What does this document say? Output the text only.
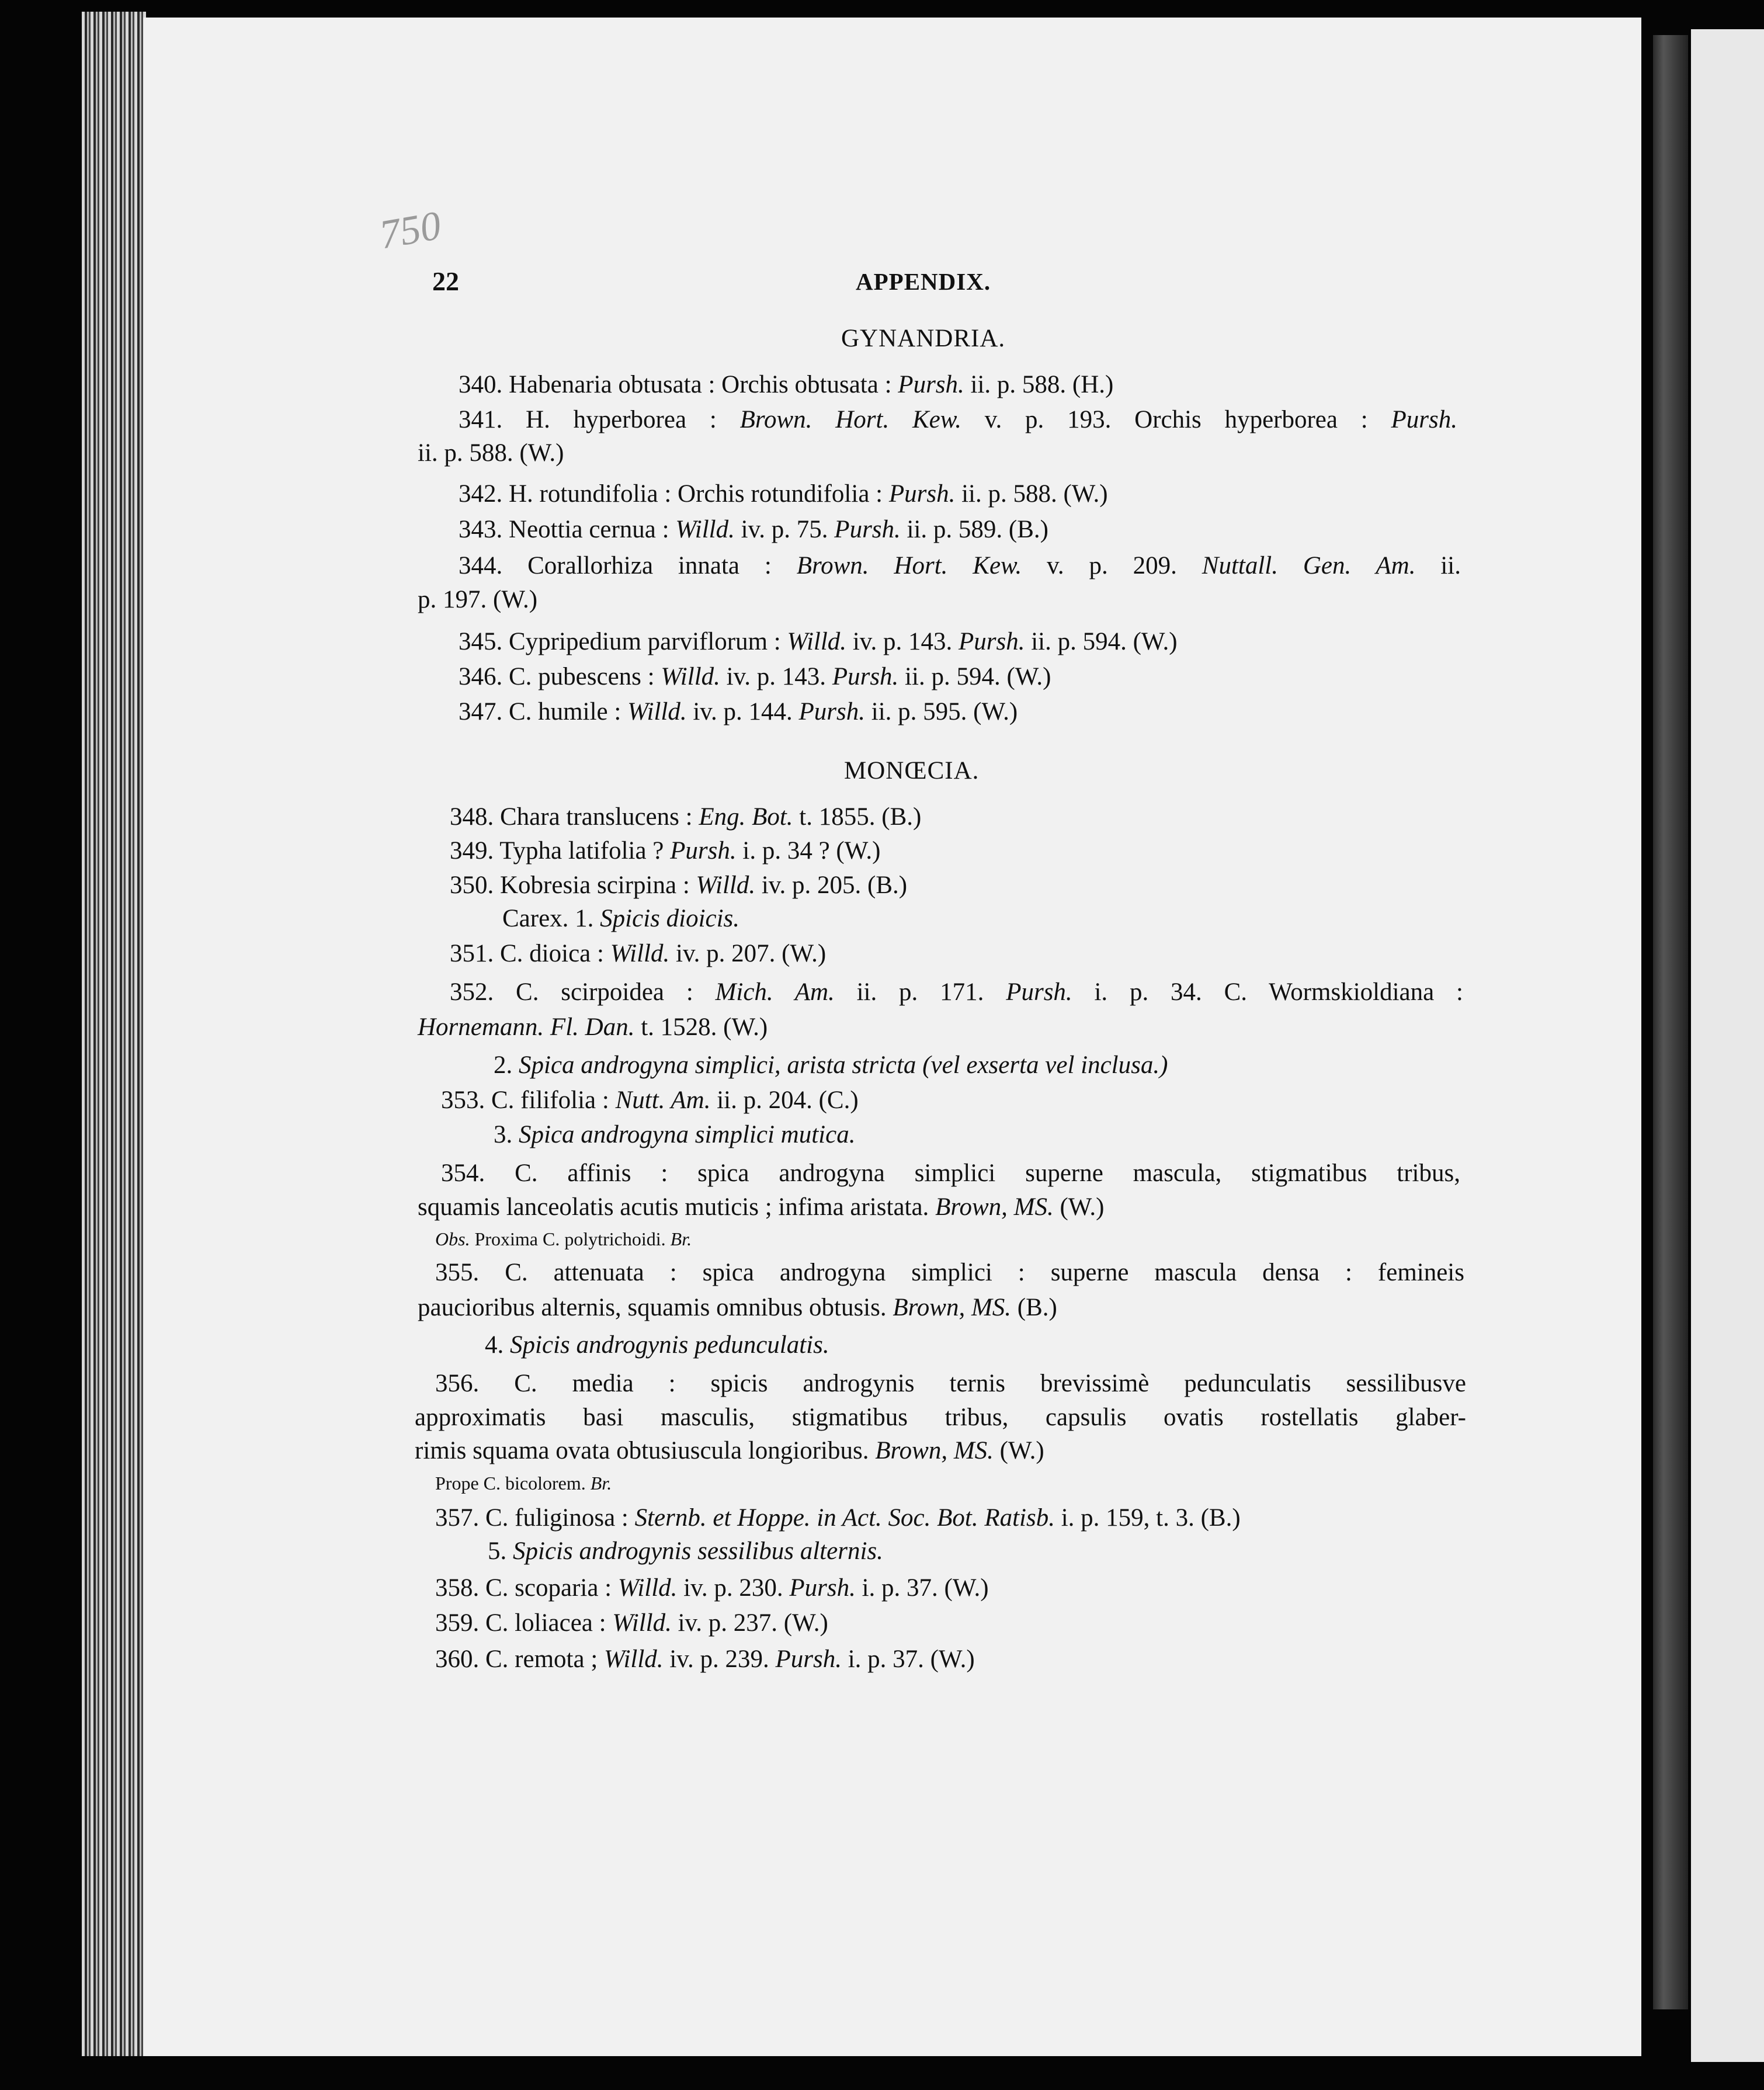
750
22	APPENDIX.
GYNANDRIA.
340. Habenaria obtusata : Orchis obtusata : Pursh. ii. p. 588. (H.)
341. H. hyperborea : Brown. Hort. Kew. v. p. 193. Orchis hyperborea : Pursh.
ii. p. 588. (W.)
342. H. rotundifolia : Orchis rotundifolia : Pursh. ii. p. 588. (W.)
343. Neottia cernua : Willd. iv. p. 75. Pursh. ii. p. 589. (B.)
344. Corallorhiza innata : Brown. Hort. Kew. v. p. 209. Nuttall. Gen. Am. ii.
p. 197. (W.)
345. Cypripedium parviflorum : Willd. iv. p. 143. Pursh. ii. p. 594. (W.)
346. C. pubescens : Willd. iv. p. 143. Pursh. ii. p. 594. (W.)
347. C. humile : Willd. iv. p. 144. Pursh. ii. p. 595. (W.)
MONŒCIA.
348. Chara translucens : Eng. Bot. t. 1855. (B.)
349. Typha latifolia ? Pursh. i. p. 34 ? (W.)
350. Kobresia scirpina : Willd. iv. p. 205. (B.)
Carex. 1. Spicis dioicis.
351. C. dioica : Willd. iv. p. 207. (W.)
352. C. scirpoidea : Mich. Am. ii. p. 171. Pursh. i. p. 34. C. Wormskioldiana :
Hornemann. Fl. Dan. t. 1528. (W.)
2. Spica androgyna simplici, arista stricta (vel exserta vel inclusa.)
353. C. filifolia : Nutt. Am. ii. p. 204. (C.)
3. Spica androgyna simplici mutica.
354. C. affinis : spica androgyna simplici superne mascula, stigmatibus tribus,
squamis lanceolatis acutis muticis ; infima aristata. Brown, MS. (W.)
Obs. Proxima C. polytrichoidi. Br.
355. C. attenuata : spica androgyna simplici : superne mascula densa : femineis
paucioribus alternis, squamis omnibus obtusis. Brown, MS. (B.)
4. Spicis androgynis pedunculatis.
356. C. media : spicis androgynis ternis brevissimè pedunculatis sessilibusve
approximatis basi masculis, stigmatibus tribus, capsulis ovatis rostellatis glaber-
rimis squama ovata obtusiuscula longioribus. Brown, MS. (W.)
Prope C. bicolorem. Br.
357. C. fuliginosa : Sternb. et Hoppe. in Act. Soc. Bot. Ratisb. i. p. 159, t. 3. (B.)
5. Spicis androgynis sessilibus alternis.
358. C. scoparia : Willd. iv. p. 230. Pursh. i. p. 37. (W.)
359. C. loliacea : Willd. iv. p. 237. (W.)
360. C. remota ; Willd. iv. p. 239. Pursh. i. p. 37. (W.)
